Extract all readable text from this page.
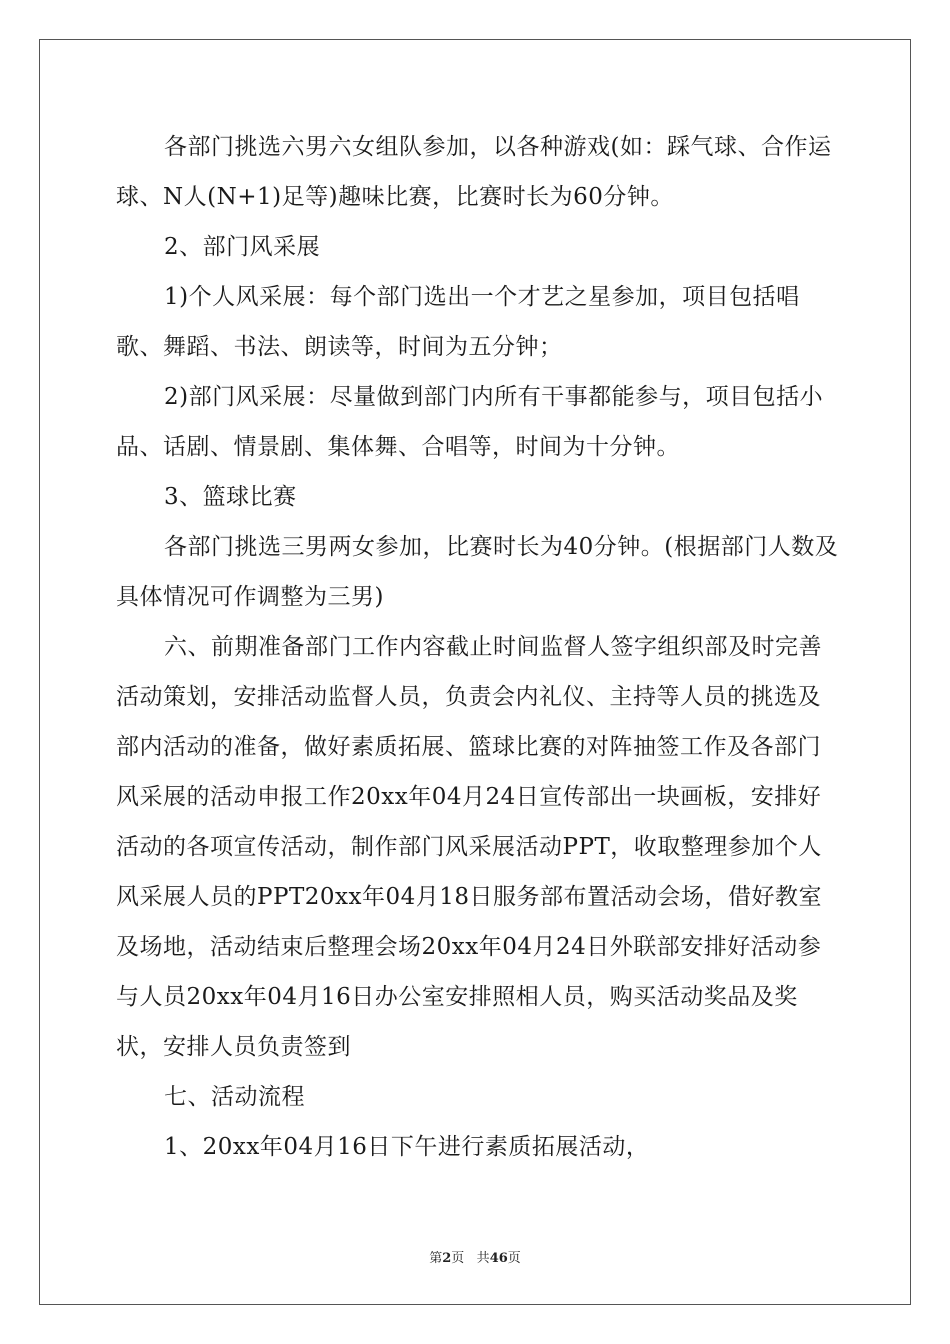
各部门挑选六男六女组队参加，以各种游戏(如：踩气球、合作运球、N人(N+1)足等)趣味比赛，比赛时长为60分钟。

2、部门风采展

1)个人风采展：每个部门选出一个才艺之星参加，项目包括唱歌、舞蹈、书法、朗读等，时间为五分钟；

2)部门风采展：尽量做到部门内所有干事都能参与，项目包括小品、话剧、情景剧、集体舞、合唱等，时间为十分钟。

3、篮球比赛

各部门挑选三男两女参加，比赛时长为40分钟。(根据部门人数及具体情况可作调整为三男)

六、前期准备部门工作内容截止时间监督人签字组织部及时完善活动策划，安排活动监督人员，负责会内礼仪、主持等人员的挑选及部内活动的准备，做好素质拓展、篮球比赛的对阵抽签工作及各部门风采展的活动申报工作20xx年04月24日宣传部出一块画板，安排好活动的各项宣传活动，制作部门风采展活动PPT，收取整理参加个人风采展人员的PPT20xx年04月18日服务部布置活动会场，借好教室及场地，活动结束后整理会场20xx年04月24日外联部安排好活动参与人员20xx年04月16日办公室安排照相人员，购买活动奖品及奖状，安排人员负责签到

七、活动流程

1、20xx年04月16日下午进行素质拓展活动，

第2页 共46页
